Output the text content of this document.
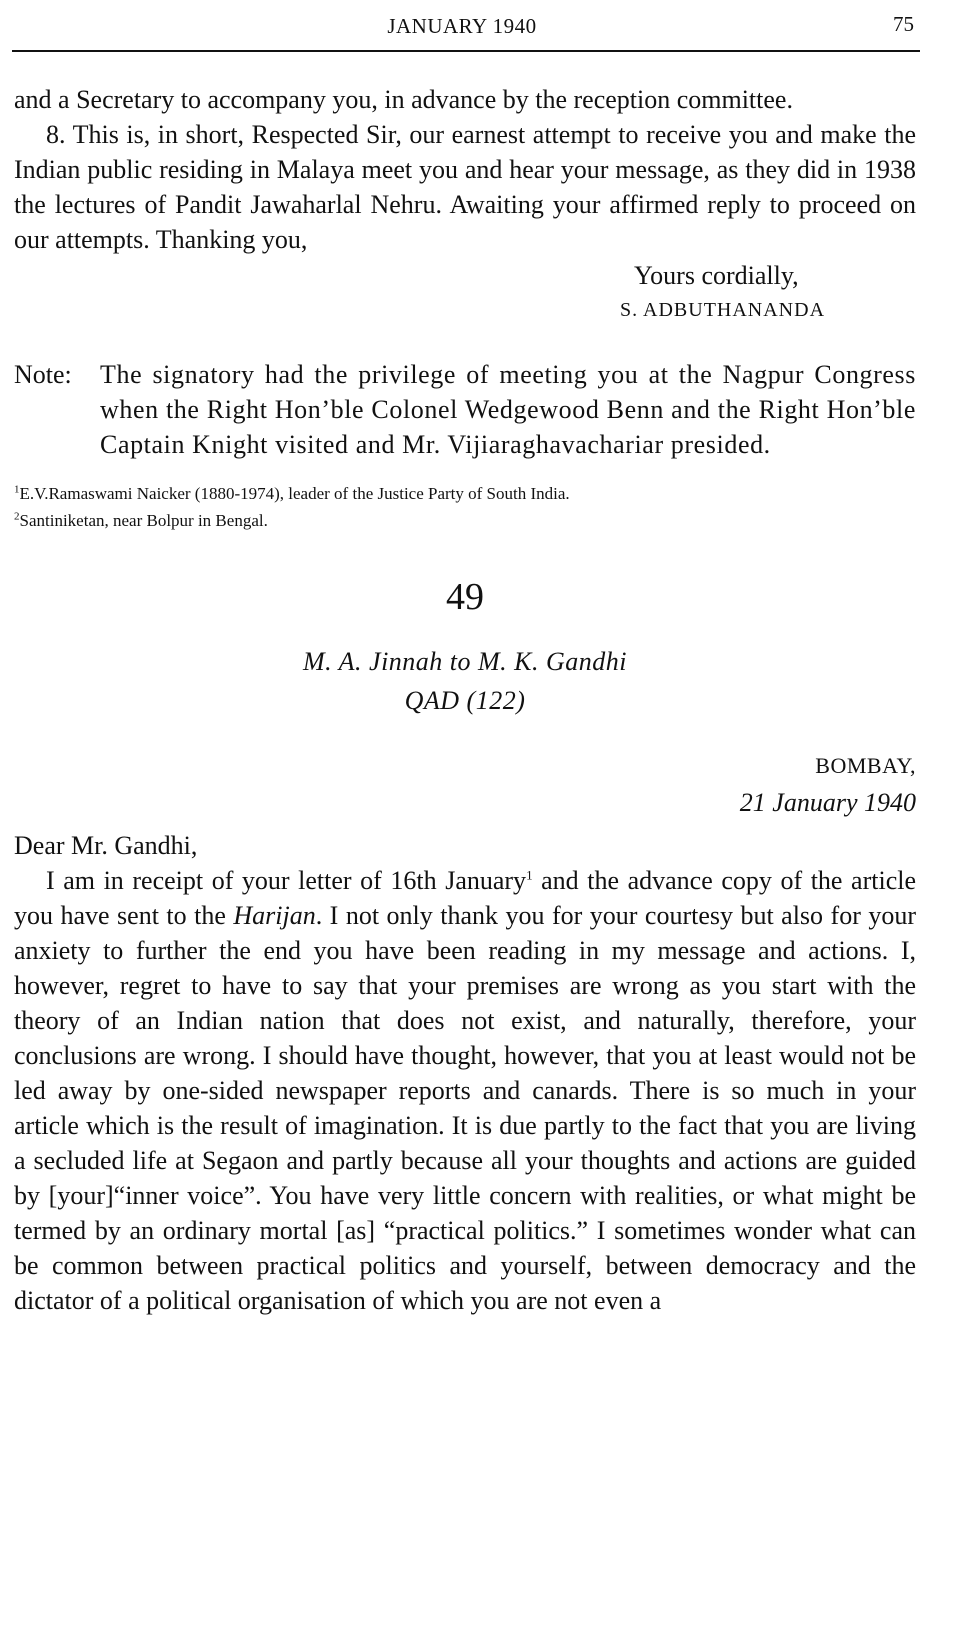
JANUARY 1940	75

and a Secretary to accompany you, in advance by the reception committee.

8. This is, in short, Respected Sir, our earnest attempt to receive you and make the Indian public residing in Malaya meet you and hear your message, as they did in 1938 the lectures of Pandit Jawaharlal Nehru. Awaiting your affirmed reply to proceed on our attempts. Thanking you,

Yours cordially,
S. ADBUTHANANDA
Note:	The signatory had the privilege of meeting you at the Nagpur Congress when the Right Hon’ble Colonel Wedgewood Benn and the Right Hon’ble Captain Knight visited and Mr. Vijiaraghavachariar presided.
$^1$E.V.Ramaswami Naicker (1880-1974), leader of the Justice Party of South India.
$^2$Santiniketan, near Bolpur in Bengal.
49
M. A. Jinnah to M. K. Gandhi
QAD (122)
BOMBAY,
21 January 1940
Dear Mr. Gandhi,

I am in receipt of your letter of 16th January$^1$ and the advance copy of the article you have sent to the Harijan. I not only thank you for your courtesy but also for your anxiety to further the end you have been reading in my message and actions. I, however, regret to have to say that your premises are wrong as you start with the theory of an Indian nation that does not exist, and naturally, therefore, your conclusions are wrong. I should have thought, however, that you at least would not be led away by one-sided newspaper reports and canards. There is so much in your article which is the result of imagination. It is due partly to the fact that you are living a secluded life at Segaon and partly because all your thoughts and actions are guided by [your]“inner voice”. You have very little concern with realities, or what might be termed by an ordinary mortal [as] “practical politics.” I sometimes wonder what can be common between practical politics and yourself, between democracy and the dictator of a political organisation of which you are not even a
